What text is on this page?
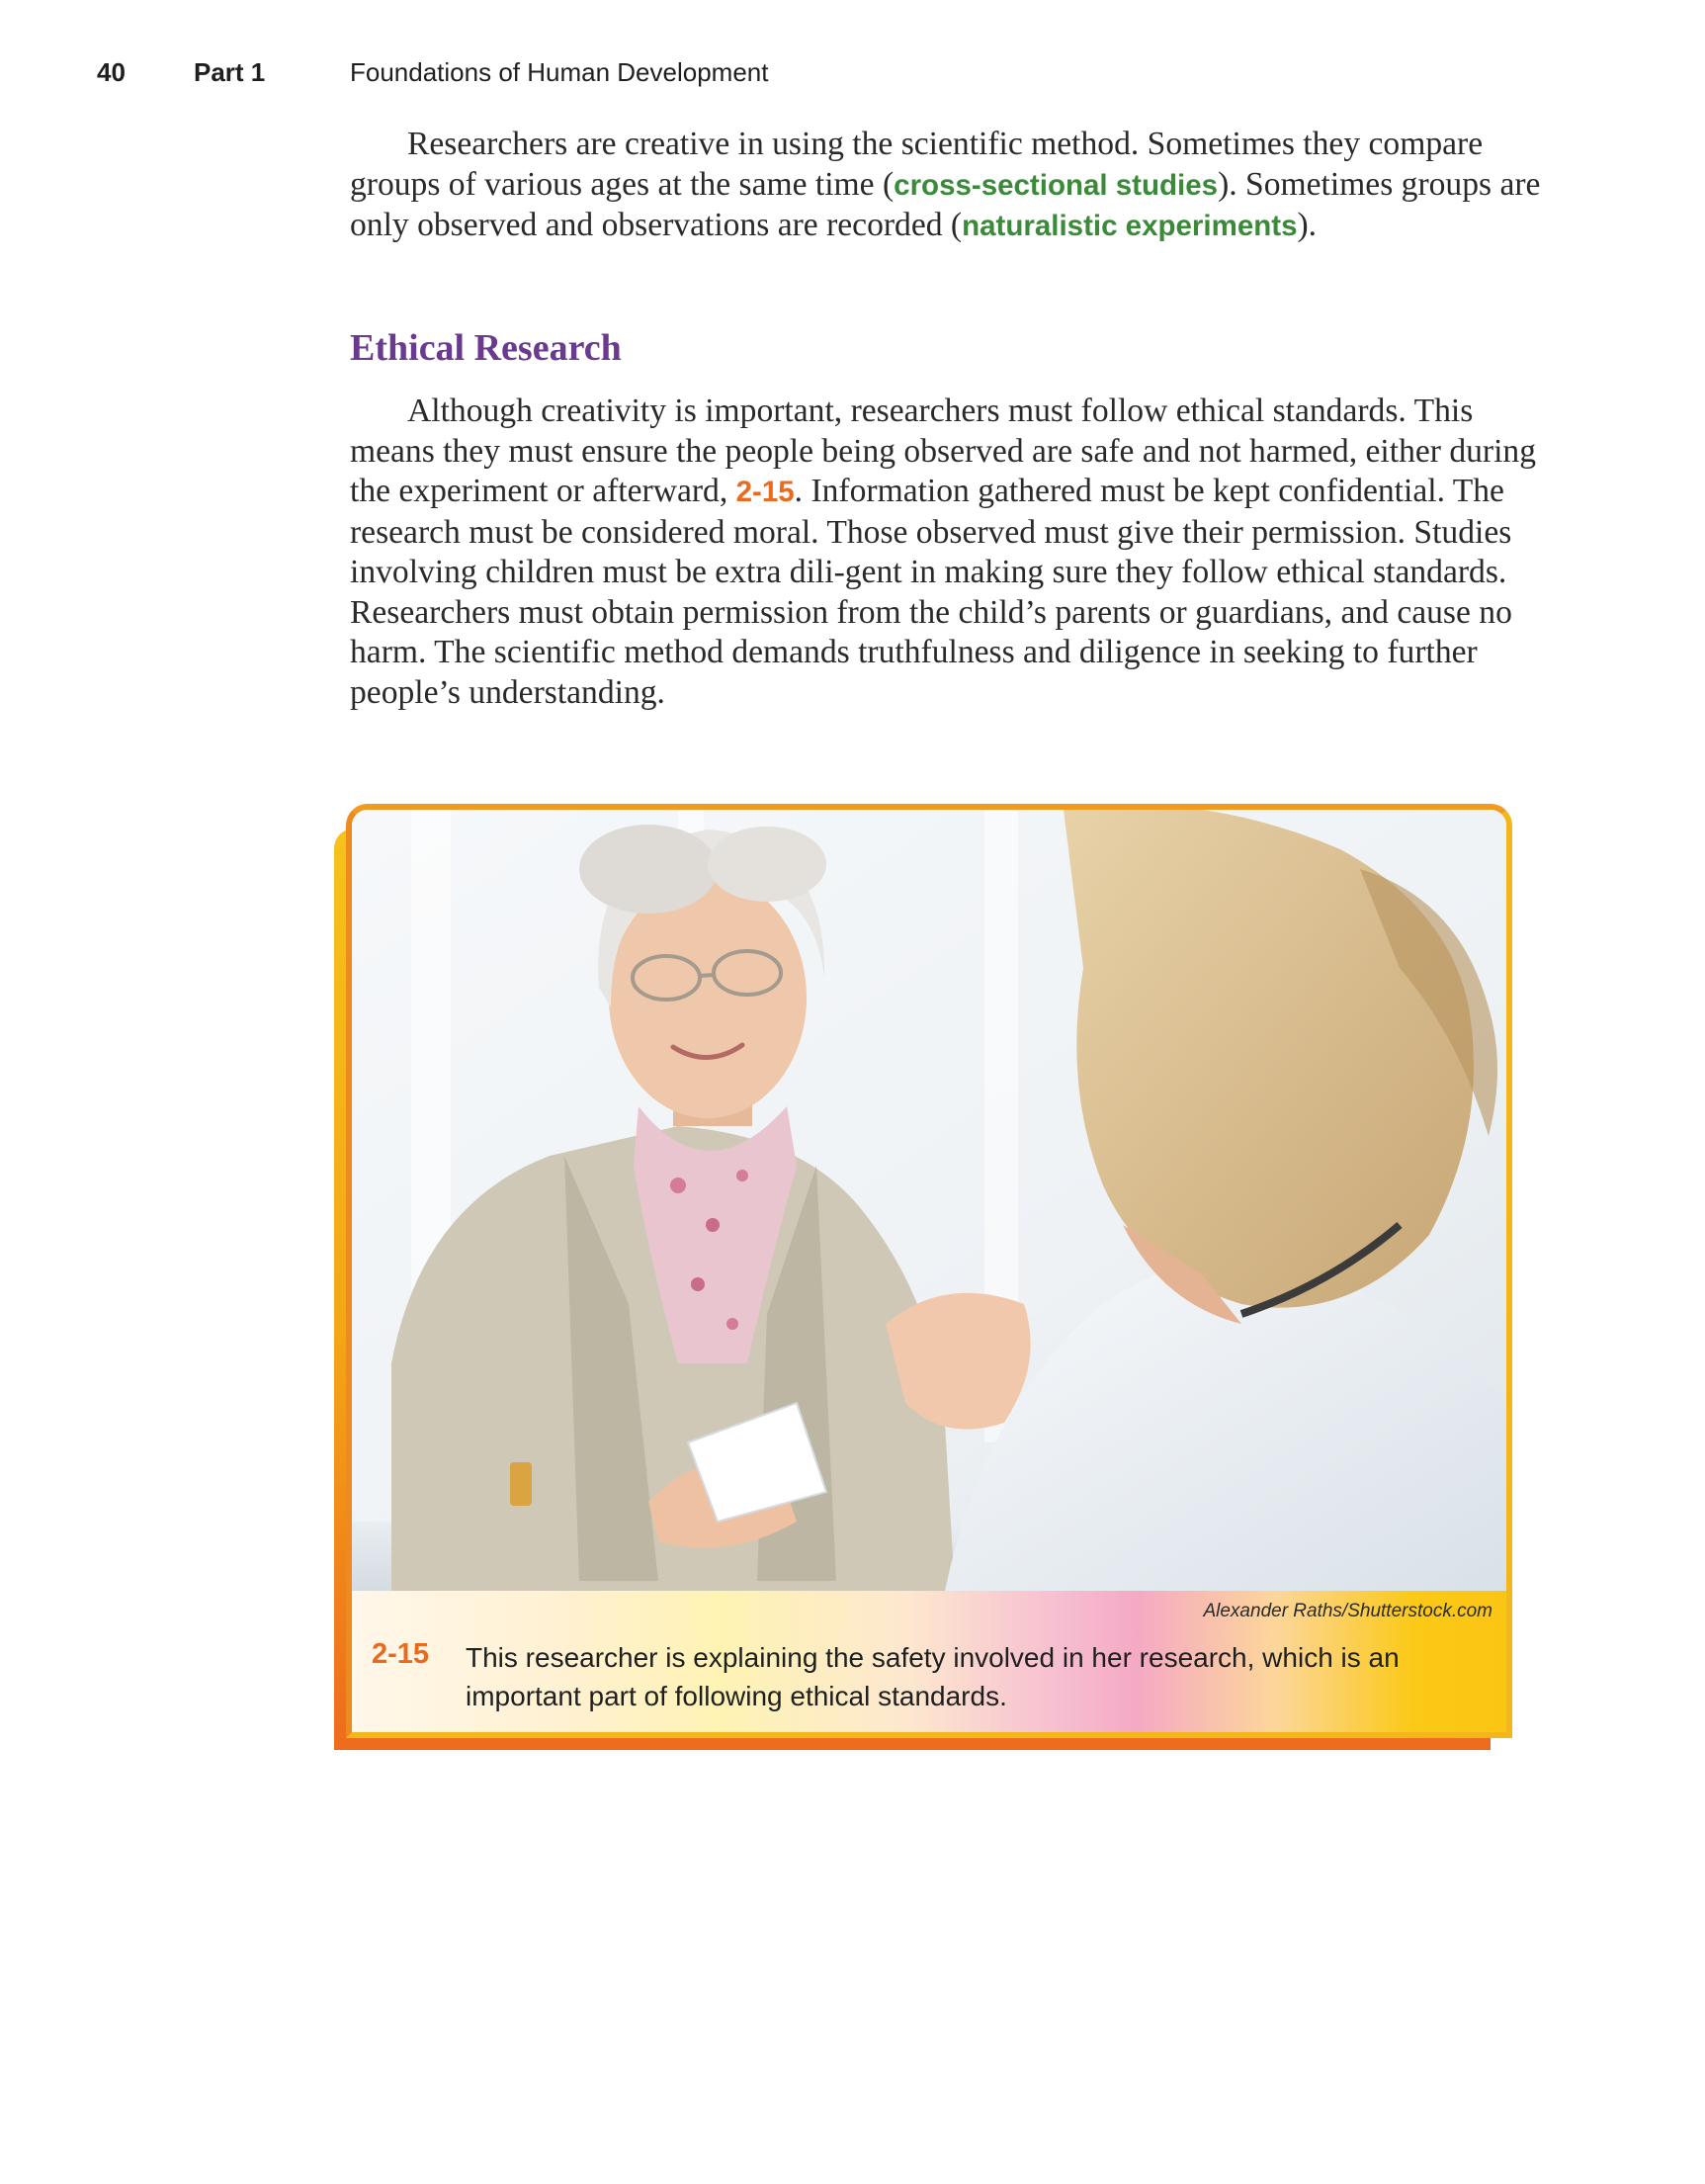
40	Part 1	Foundations of Human Development

Researchers are creative in using the scientific method. Sometimes they compare groups of various ages at the same time (cross-sectional studies). Sometimes groups are only observed and observations are recorded (naturalistic experiments).

Ethical Research

Although creativity is important, researchers must follow ethical standards. This means they must ensure the people being observed are safe and not harmed, either during the experiment or afterward, 2-15. Information gathered must be kept confidential. The research must be considered moral. Those observed must give their permission. Studies involving children must be extra dili-gent in making sure they follow ethical standards. Researchers must obtain permission from the child’s parents or guardians, and cause no harm. The scientific method demands truthfulness and diligence in seeking to further people’s understanding.

Alexander Raths/Shutterstock.com
2-15 This researcher is explaining the safety involved in her research, which is an important part of following ethical standards.
